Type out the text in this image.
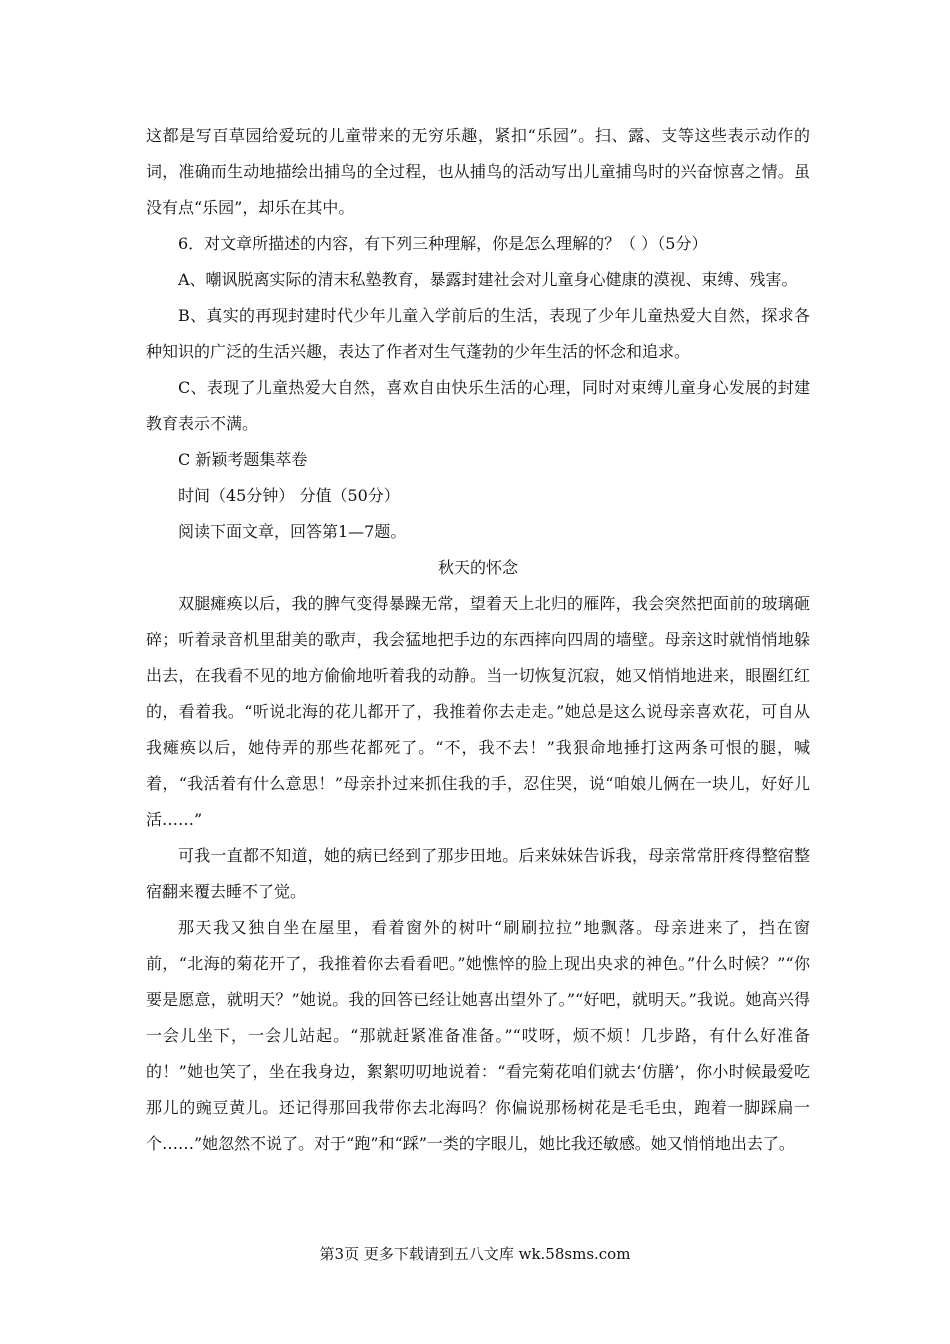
这都是写百草园给爱玩的儿童带来的无穷乐趣，紧扣“乐园”。扫、露、支等这些表示动作的词，准确而生动地描绘出捕鸟的全过程，也从捕鸟的活动写出儿童捕鸟时的兴奋惊喜之情。虽没有点“乐园”，却乐在其中。

6．对文章所描述的内容，有下列三种理解，你是怎么理解的？（ ）（5分）

A、嘲讽脱离实际的清末私塾教育，暴露封建社会对儿童身心健康的漠视、束缚、残害。

B、真实的再现封建时代少年儿童入学前后的生活，表现了少年儿童热爱大自然，探求各种知识的广泛的生活兴趣，表达了作者对生气蓬勃的少年生活的怀念和追求。

C、表现了儿童热爱大自然，喜欢自由快乐生活的心理，同时对束缚儿童身心发展的封建教育表示不满。

C 新颖考题集萃卷

时间（45分钟） 分值（50分）

阅读下面文章，回答第1—7题。

秋天的怀念

双腿瘫痪以后，我的脾气变得暴躁无常，望着天上北归的雁阵，我会突然把面前的玻璃砸碎；听着录音机里甜美的歌声，我会猛地把手边的东西摔向四周的墙壁。母亲这时就悄悄地躲出去，在我看不见的地方偷偷地听着我的动静。当一切恢复沉寂，她又悄悄地进来，眼圈红红的，看着我。“听说北海的花儿都开了，我推着你去走走。”她总是这么说母亲喜欢花，可自从我瘫痪以后，她侍弄的那些花都死了。“不，我不去！”我狠命地捶打这两条可恨的腿，喊着，“我活着有什么意思！”母亲扑过来抓住我的手，忍住哭，说“咱娘儿俩在一块儿，好好儿活……”

可我一直都不知道，她的病已经到了那步田地。后来妹妹告诉我，母亲常常肝疼得整宿整宿翻来覆去睡不了觉。

那天我又独自坐在屋里，看着窗外的树叶“刷刷拉拉”地飘落。母亲进来了，挡在窗前，“北海的菊花开了，我推着你去看看吧。”她憔悴的脸上现出央求的神色。”什么时候？”“你要是愿意，就明天？”她说。我的回答已经让她喜出望外了。”“好吧，就明天。”我说。她高兴得一会儿坐下，一会儿站起。“那就赶紧准备准备。”“哎呀，烦不烦！几步路，有什么好准备的！”她也笑了，坐在我身边，絮絮叨叨地说着：“看完菊花咱们就去‘仿膳’，你小时候最爱吃那儿的豌豆黄儿。还记得那回我带你去北海吗？你偏说那杨树花是毛毛虫，跑着一脚踩扁一个……”她忽然不说了。对于“跑”和“踩”一类的字眼儿，她比我还敏感。她又悄悄地出去了。

第3页 更多下载请到五八文库 wk.58sms.com
